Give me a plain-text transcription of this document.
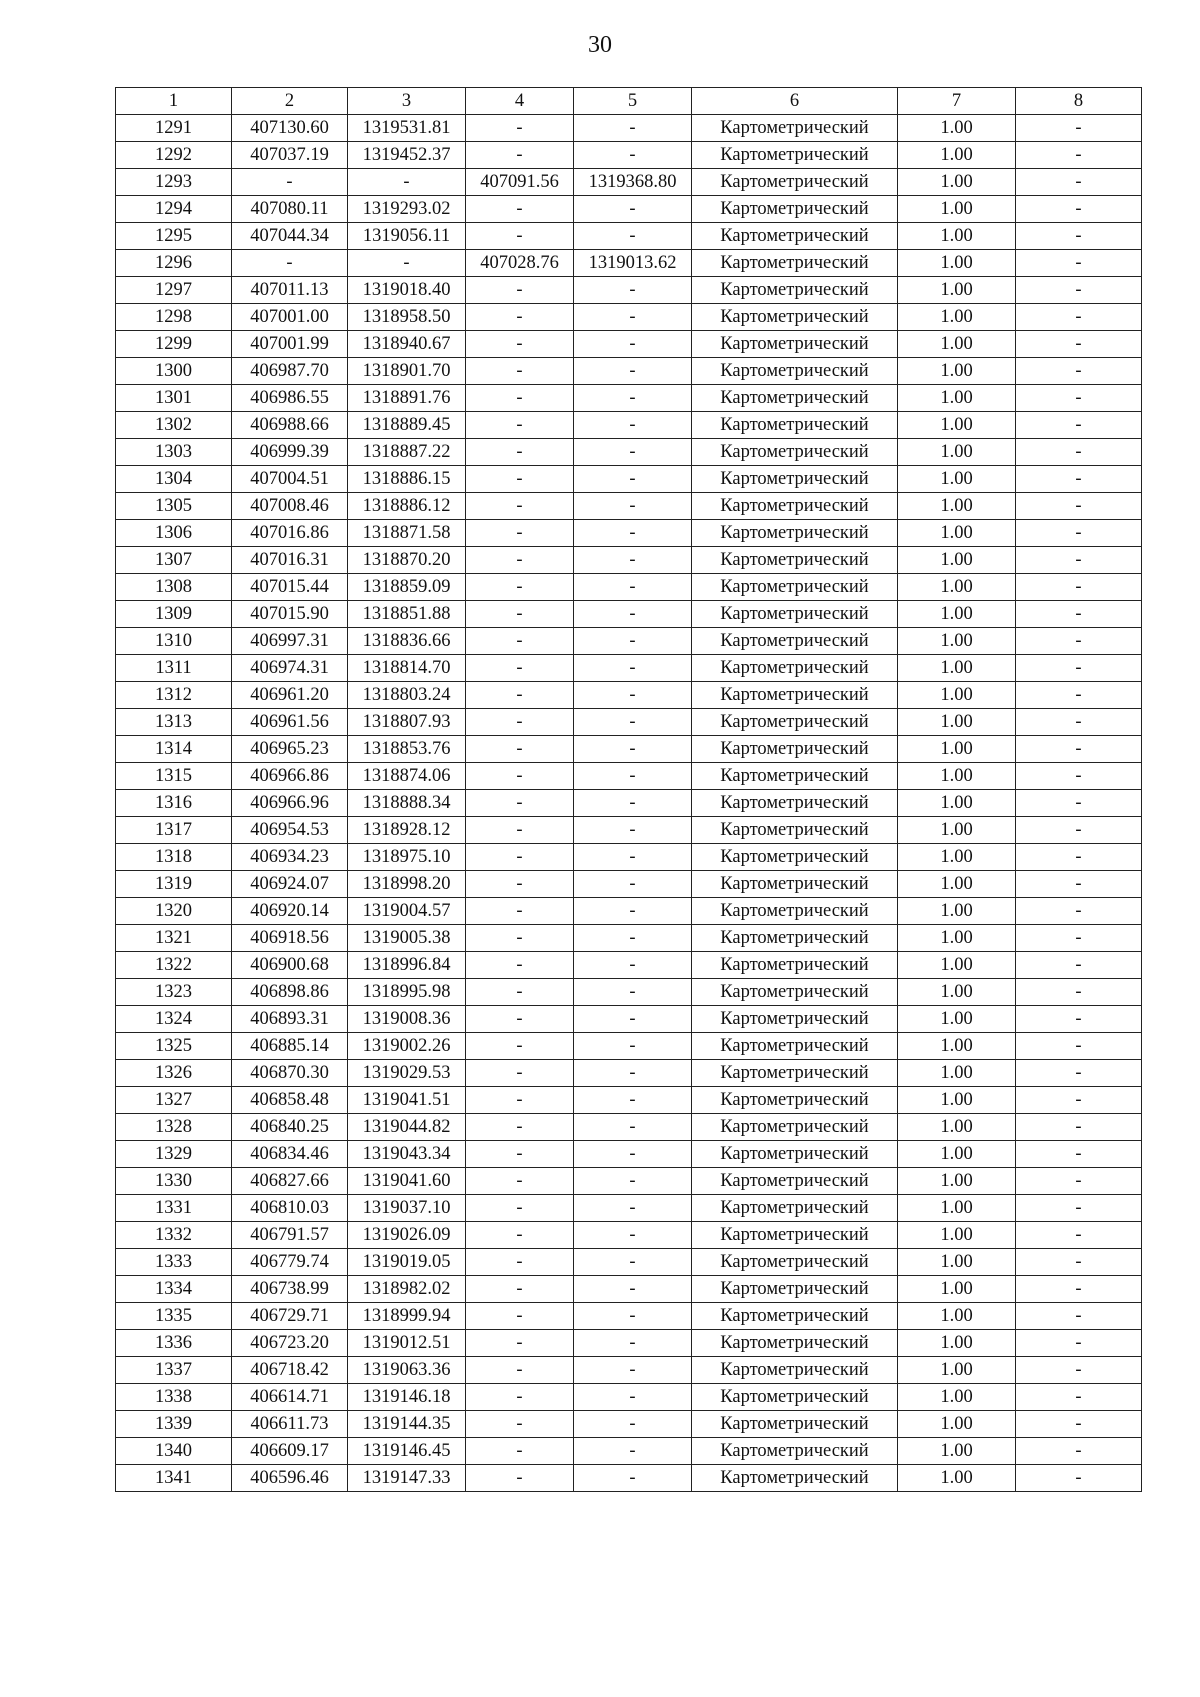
30
1	2	3	4	5	6	7	8
1291	407130.60	1319531.81	-	-	Картометрический	1.00	-
1292	407037.19	1319452.37	-	-	Картометрический	1.00	-
1293	-	-	407091.56	1319368.80	Картометрический	1.00	-
1294	407080.11	1319293.02	-	-	Картометрический	1.00	-
1295	407044.34	1319056.11	-	-	Картометрический	1.00	-
1296	-	-	407028.76	1319013.62	Картометрический	1.00	-
1297	407011.13	1319018.40	-	-	Картометрический	1.00	-
1298	407001.00	1318958.50	-	-	Картометрический	1.00	-
1299	407001.99	1318940.67	-	-	Картометрический	1.00	-
1300	406987.70	1318901.70	-	-	Картометрический	1.00	-
1301	406986.55	1318891.76	-	-	Картометрический	1.00	-
1302	406988.66	1318889.45	-	-	Картометрический	1.00	-
1303	406999.39	1318887.22	-	-	Картометрический	1.00	-
1304	407004.51	1318886.15	-	-	Картометрический	1.00	-
1305	407008.46	1318886.12	-	-	Картометрический	1.00	-
1306	407016.86	1318871.58	-	-	Картометрический	1.00	-
1307	407016.31	1318870.20	-	-	Картометрический	1.00	-
1308	407015.44	1318859.09	-	-	Картометрический	1.00	-
1309	407015.90	1318851.88	-	-	Картометрический	1.00	-
1310	406997.31	1318836.66	-	-	Картометрический	1.00	-
1311	406974.31	1318814.70	-	-	Картометрический	1.00	-
1312	406961.20	1318803.24	-	-	Картометрический	1.00	-
1313	406961.56	1318807.93	-	-	Картометрический	1.00	-
1314	406965.23	1318853.76	-	-	Картометрический	1.00	-
1315	406966.86	1318874.06	-	-	Картометрический	1.00	-
1316	406966.96	1318888.34	-	-	Картометрический	1.00	-
1317	406954.53	1318928.12	-	-	Картометрический	1.00	-
1318	406934.23	1318975.10	-	-	Картометрический	1.00	-
1319	406924.07	1318998.20	-	-	Картометрический	1.00	-
1320	406920.14	1319004.57	-	-	Картометрический	1.00	-
1321	406918.56	1319005.38	-	-	Картометрический	1.00	-
1322	406900.68	1318996.84	-	-	Картометрический	1.00	-
1323	406898.86	1318995.98	-	-	Картометрический	1.00	-
1324	406893.31	1319008.36	-	-	Картометрический	1.00	-
1325	406885.14	1319002.26	-	-	Картометрический	1.00	-
1326	406870.30	1319029.53	-	-	Картометрический	1.00	-
1327	406858.48	1319041.51	-	-	Картометрический	1.00	-
1328	406840.25	1319044.82	-	-	Картометрический	1.00	-
1329	406834.46	1319043.34	-	-	Картометрический	1.00	-
1330	406827.66	1319041.60	-	-	Картометрический	1.00	-
1331	406810.03	1319037.10	-	-	Картометрический	1.00	-
1332	406791.57	1319026.09	-	-	Картометрический	1.00	-
1333	406779.74	1319019.05	-	-	Картометрический	1.00	-
1334	406738.99	1318982.02	-	-	Картометрический	1.00	-
1335	406729.71	1318999.94	-	-	Картометрический	1.00	-
1336	406723.20	1319012.51	-	-	Картометрический	1.00	-
1337	406718.42	1319063.36	-	-	Картометрический	1.00	-
1338	406614.71	1319146.18	-	-	Картометрический	1.00	-
1339	406611.73	1319144.35	-	-	Картометрический	1.00	-
1340	406609.17	1319146.45	-	-	Картометрический	1.00	-
1341	406596.46	1319147.33	-	-	Картометрический	1.00	-
